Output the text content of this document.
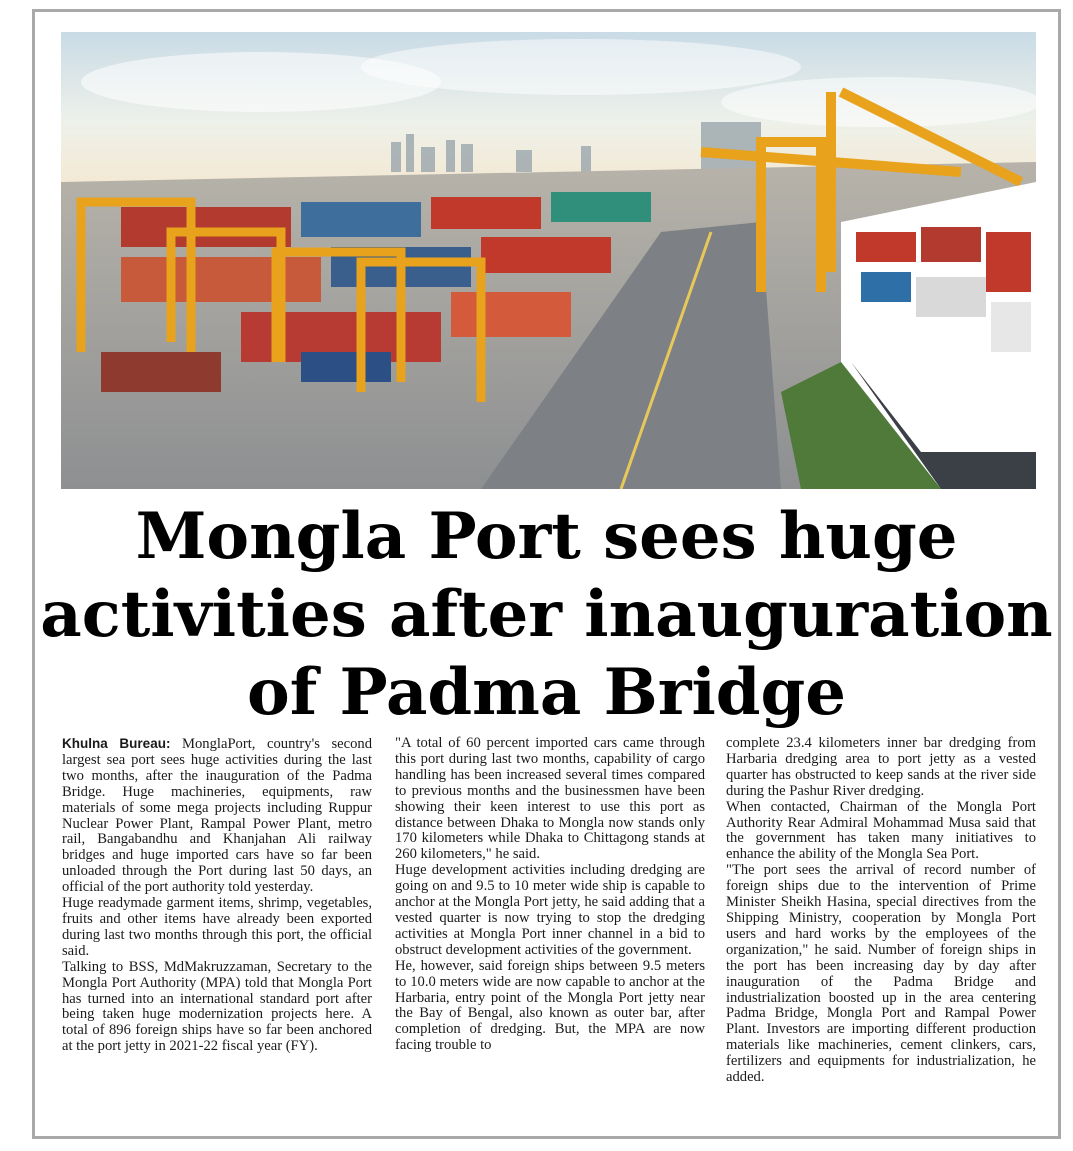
Mongla Port sees huge
activities after inauguration
of Padma Bridge

Khulna Bureau: MonglaPort, country's second largest sea port sees huge activities during the last two months, after the inauguration of the Padma Bridge. Huge machineries, equipments, raw materials of some mega projects including Ruppur Nuclear Power Plant, Rampal Power Plant, metro rail, Bangabandhu and Khanjahan Ali railway bridges and huge imported cars have so far been unloaded through the Port during last 50 days, an official of the port authority told yesterday.

Huge readymade garment items, shrimp, vegetables, fruits and other items have already been exported during last two months through this port, the official said.

Talking to BSS, MdMakruzzaman, Secretary to the Mongla Port Authority (MPA) told that Mongla Port has turned into an international standard port after being taken huge modernization projects here. A total of 896 foreign ships have so far been anchored at the port jetty in 2021-22 fiscal year (FY).

"A total of 60 percent imported cars came through this port during last two months, capability of cargo handling has been increased several times compared to previous months and the businessmen have been showing their keen interest to use this port as distance between Dhaka to Mongla now stands only 170 kilometers while Dhaka to Chittagong stands at 260 kilometers," he said.

Huge development activities including dredging are going on and 9.5 to 10 meter wide ship is capable to anchor at the Mongla Port jetty, he said adding that a vested quarter is now trying to stop the dredging activities at Mongla Port inner channel in a bid to obstruct development activities of the government.

He, however, said foreign ships between 9.5 meters to 10.0 meters wide are now capable to anchor at the Harbaria, entry point of the Mongla Port jetty near the Bay of Bengal, also known as outer bar, after completion of dredging. But, the MPA are now facing trouble to

complete 23.4 kilometers inner bar dredging from Harbaria dredging area to port jetty as a vested quarter has obstructed to keep sands at the river side during the Pashur River dredging.

When contacted, Chairman of the Mongla Port Authority Rear Admiral Mohammad Musa said that the government has taken many initiatives to enhance the ability of the Mongla Sea Port.

"The port sees the arrival of record number of foreign ships due to the intervention of Prime Minister Sheikh Hasina, special directives from the Shipping Ministry, cooperation by Mongla Port users and hard works by the employees of the organization," he said. Number of foreign ships in the port has been increasing day by day after inauguration of the Padma Bridge and industrialization boosted up in the area centering Padma Bridge, Mongla Port and Rampal Power Plant. Investors are importing different production materials like machineries, cement clinkers, cars, fertilizers and equipments for industrialization, he added.
